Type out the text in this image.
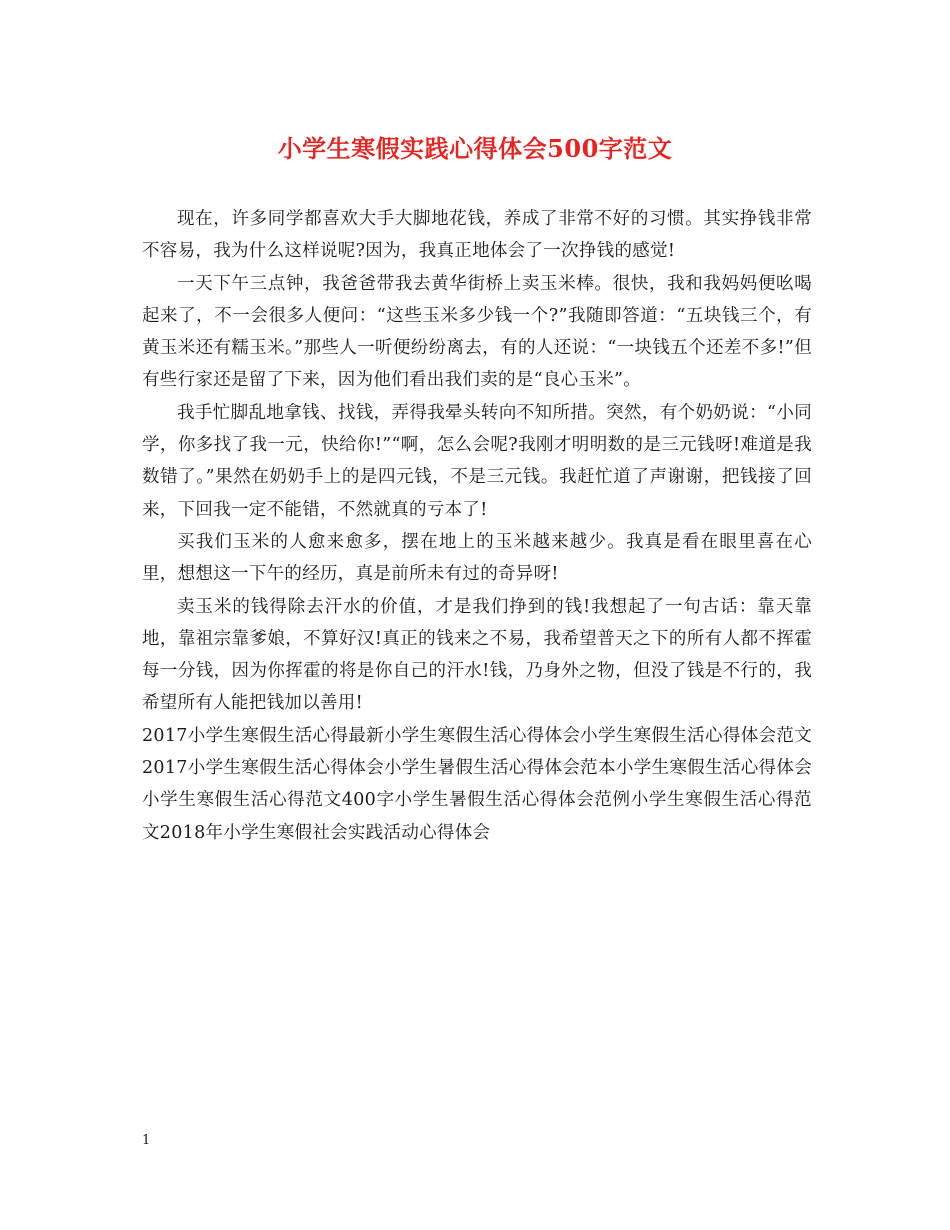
小学生寒假实践心得体会500字范文

现在，许多同学都喜欢大手大脚地花钱，养成了非常不好的习惯。其实挣钱非常不容易，我为什么这样说呢?因为，我真正地体会了一次挣钱的感觉!

一天下午三点钟，我爸爸带我去黄华街桥上卖玉米棒。很快，我和我妈妈便吆喝起来了，不一会很多人便问：“这些玉米多少钱一个?”我随即答道：“五块钱三个，有黄玉米还有糯玉米。”那些人一听便纷纷离去，有的人还说：“一块钱五个还差不多!”但有些行家还是留了下来，因为他们看出我们卖的是“良心玉米”。

我手忙脚乱地拿钱、找钱，弄得我晕头转向不知所措。突然，有个奶奶说：“小同学，你多找了我一元，快给你!”“啊，怎么会呢?我刚才明明数的是三元钱呀!难道是我数错了。”果然在奶奶手上的是四元钱，不是三元钱。我赶忙道了声谢谢，把钱接了回来，下回我一定不能错，不然就真的亏本了!

买我们玉米的人愈来愈多，摆在地上的玉米越来越少。我真是看在眼里喜在心里，想想这一下午的经历，真是前所未有过的奇异呀!

卖玉米的钱得除去汗水的价值，才是我们挣到的钱!我想起了一句古话：靠天靠地，靠祖宗靠爹娘，不算好汉!真正的钱来之不易，我希望普天之下的所有人都不挥霍每一分钱，因为你挥霍的将是你自己的汗水!钱，乃身外之物，但没了钱是不行的，我希望所有人能把钱加以善用!

2017小学生寒假生活心得最新小学生寒假生活心得体会小学生寒假生活心得体会范文2017小学生寒假生活心得体会小学生暑假生活心得体会范本小学生寒假生活心得体会小学生寒假生活心得范文400字小学生暑假生活心得体会范例小学生寒假生活心得范文2018年小学生寒假社会实践活动心得体会

1
